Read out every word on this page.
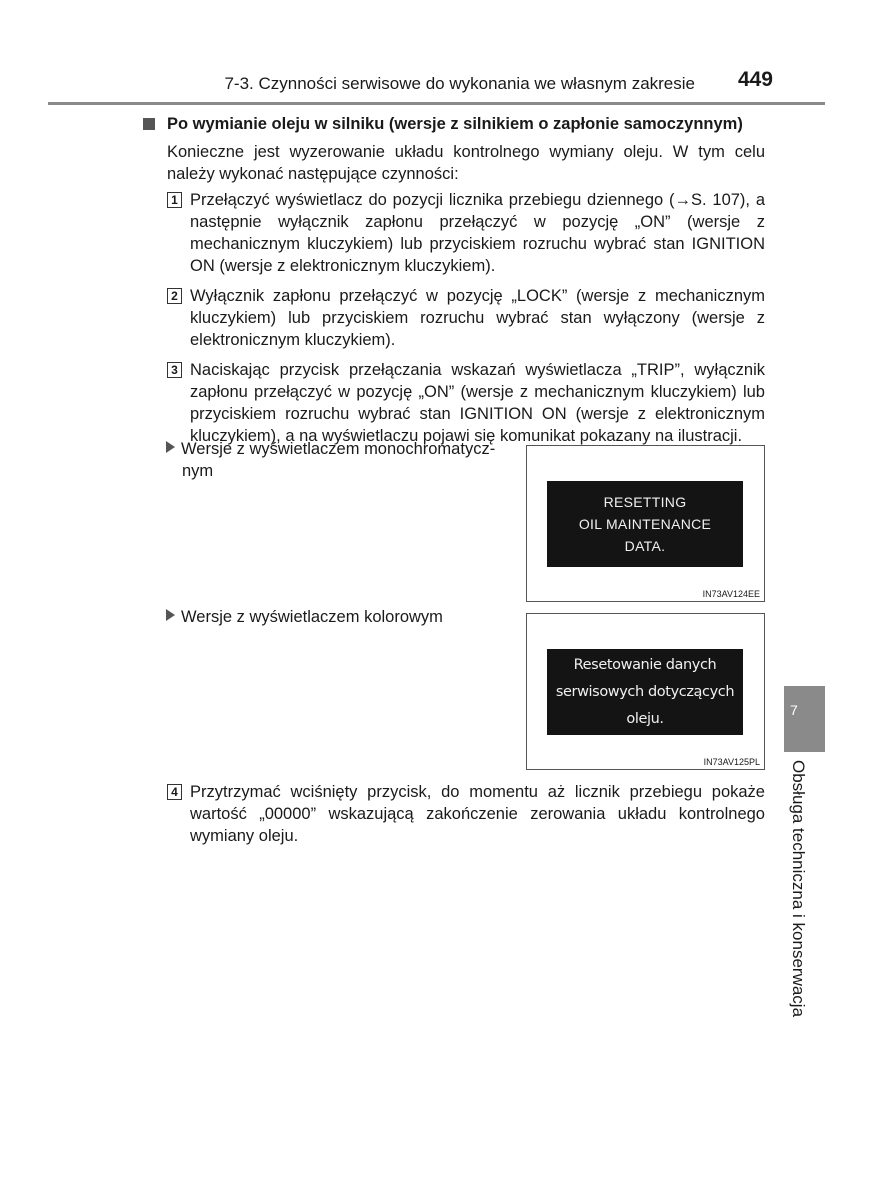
7-3. Czynności serwisowe do wykonania we własnym zakresie 449
Po wymianie oleju w silniku (wersje z silnikiem o zapłonie samoczynnym)
Konieczne jest wyzerowanie układu kontrolnego wymiany oleju. W tym celu należy wykonać następujące czynności:
1 Przełączyć wyświetlacz do pozycji licznika przebiegu dziennego (→S. 107), a następnie wyłącznik zapłonu przełączyć w pozycję „ON” (wersje z mechanicznym kluczykiem) lub przyciskiem rozruchu wybrać stan IGNITION ON (wersje z elektronicznym kluczykiem).
2 Wyłącznik zapłonu przełączyć w pozycję „LOCK” (wersje z mechanicznym kluczykiem) lub przyciskiem rozruchu wybrać stan wyłączony (wersje z elektronicznym kluczykiem).
3 Naciskając przycisk przełączania wskazań wyświetlacza „TRIP”, wyłącznik zapłonu przełączyć w pozycję „ON” (wersje z mechanicznym kluczykiem) lub przyciskiem rozruchu wybrać stan IGNITION ON (wersje z elektronicznym kluczykiem), a na wyświetlaczu pojawi się komunikat pokazany na ilustracji.
Wersje z wyświetlaczem monochromatycz-
nym
RESETTING
OIL MAINTENANCE
DATA.
IN73AV124EE
Wersje z wyświetlaczem kolorowym
Resetowanie danych
serwisowych dotyczących
oleju.
IN73AV125PL
4 Przytrzymać wciśnięty przycisk, do momentu aż licznik przebiegu pokaże wartość „00000” wskazującą zakończenie zerowania układu kontrolnego wymiany oleju.
7
Obsługa techniczna i konserwacja
